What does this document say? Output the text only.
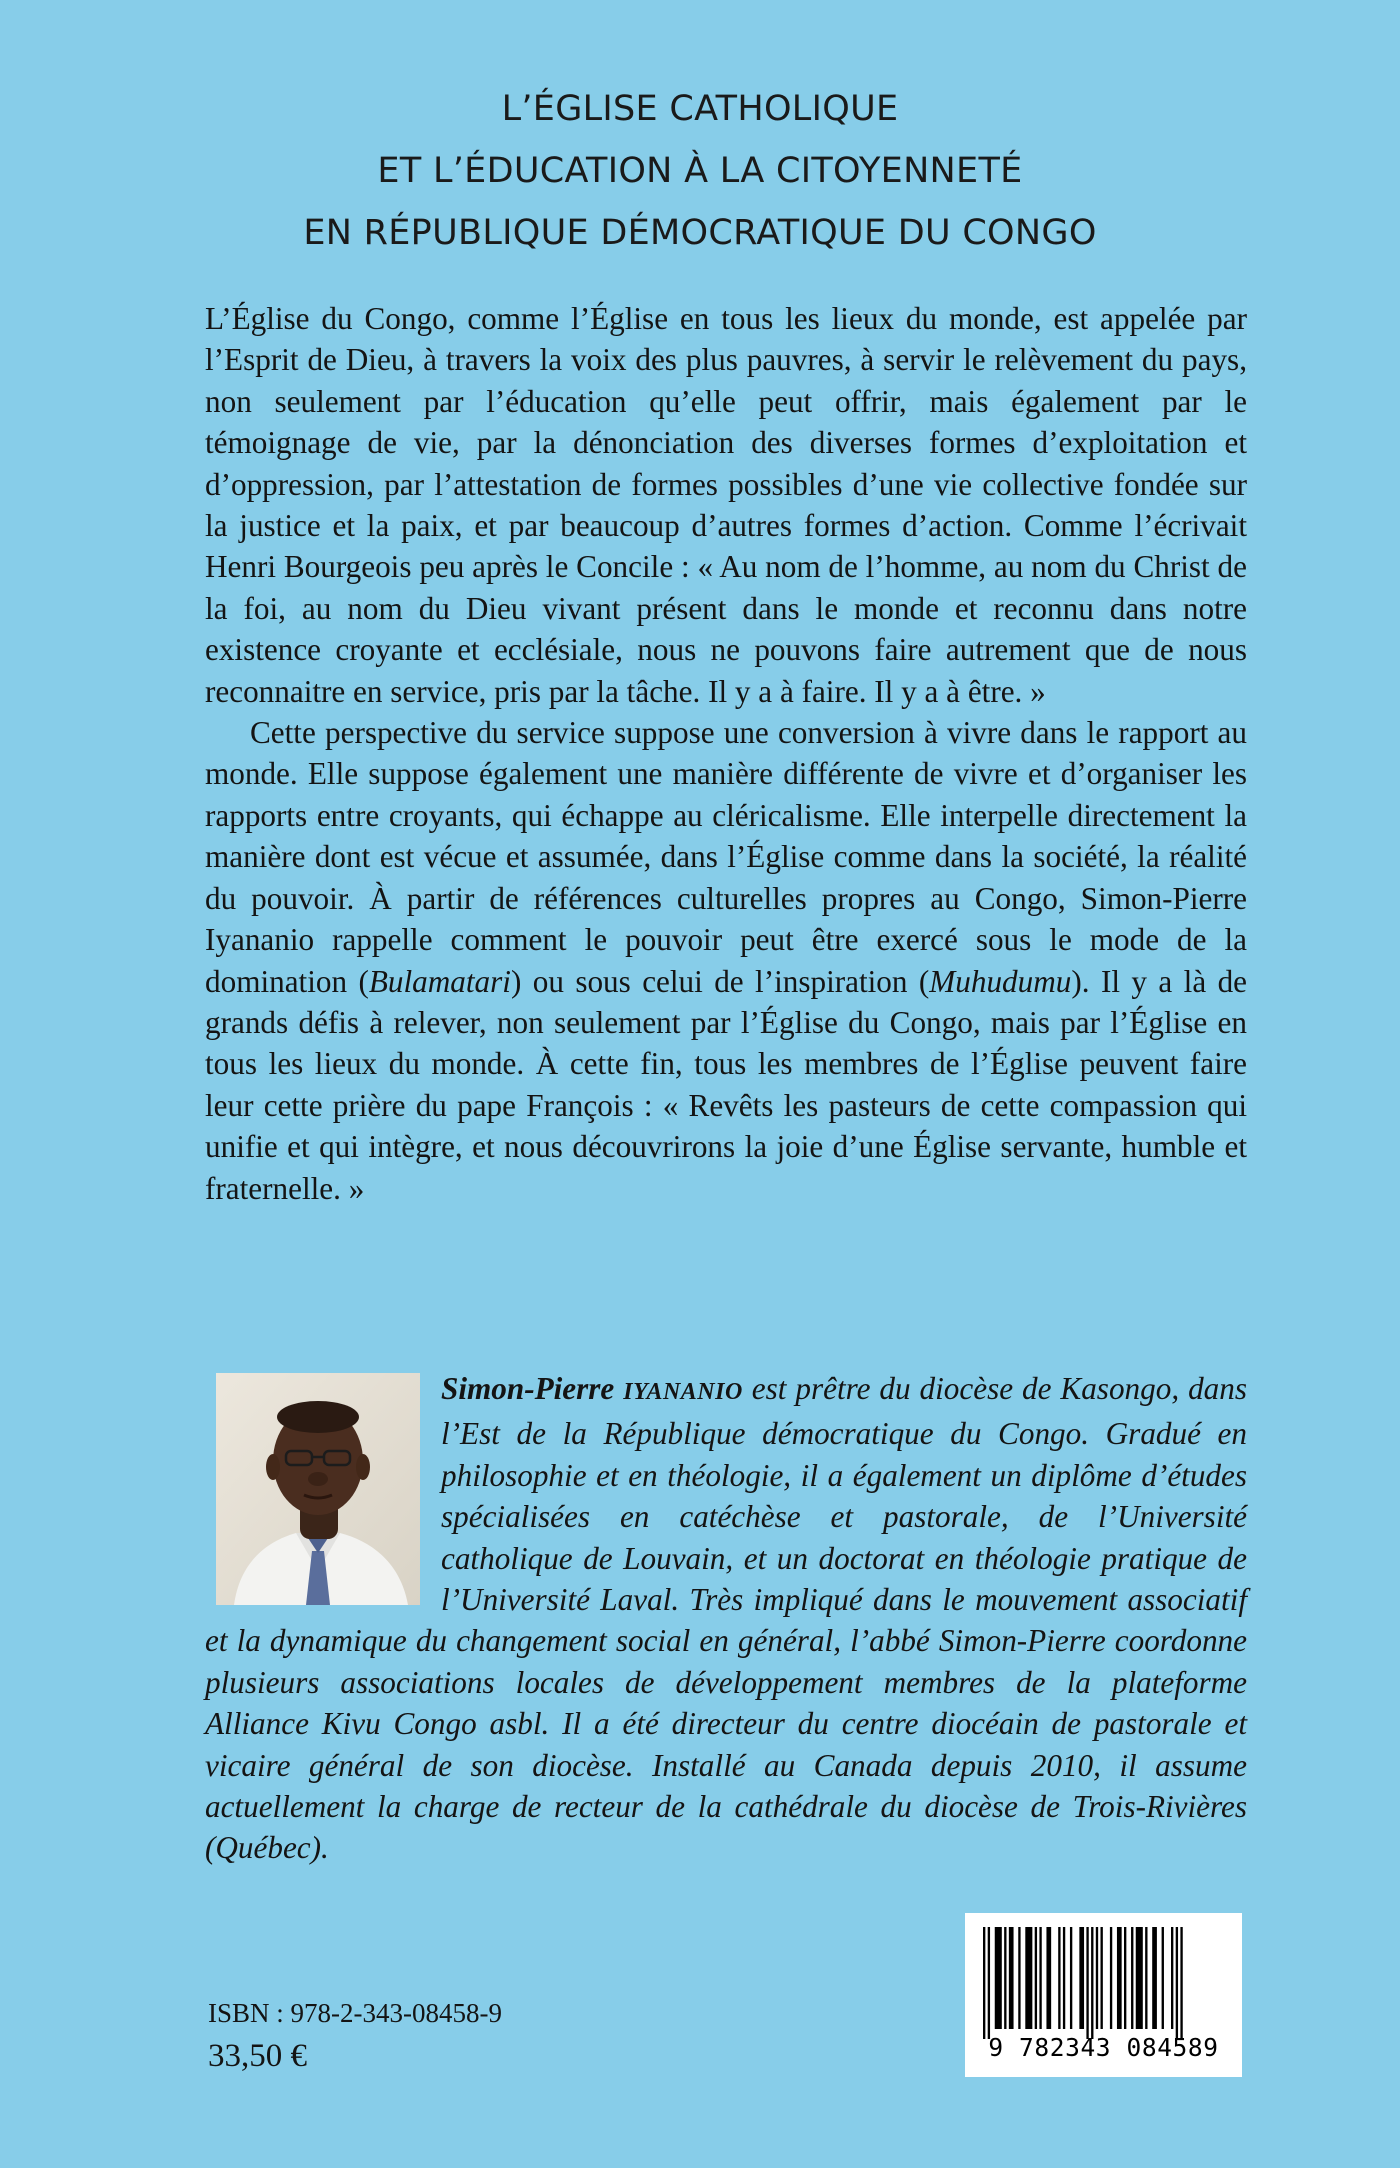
L’ÉGLISE CATHOLIQUE
ET L’ÉDUCATION À LA CITOYENNETÉ
EN RÉPUBLIQUE DÉMOCRATIQUE DU CONGO

L’Église du Congo, comme l’Église en tous les lieux du monde, est appelée par l’Esprit de Dieu, à travers la voix des plus pauvres, à servir le relèvement du pays, non seulement par l’éducation qu’elle peut offrir, mais également par le témoignage de vie, par la dénonciation des diverses formes d’exploitation et d’oppression, par l’attestation de formes possibles d’une vie collective fondée sur la justice et la paix, et par beaucoup d’autres formes d’action. Comme l’écrivait Henri Bourgeois peu après le Concile : « Au nom de l’homme, au nom du Christ de la foi, au nom du Dieu vivant présent dans le monde et reconnu dans notre existence croyante et ecclésiale, nous ne pouvons faire autrement que de nous reconnaitre en service, pris par la tâche. Il y a à faire. Il y a à être. »

Cette perspective du service suppose une conversion à vivre dans le rapport au monde. Elle suppose également une manière différente de vivre et d’organiser les rapports entre croyants, qui échappe au cléricalisme. Elle interpelle directement la manière dont est vécue et assumée, dans l’Église comme dans la société, la réalité du pouvoir. À partir de références culturelles propres au Congo, Simon-Pierre Iyananio rappelle comment le pouvoir peut être exercé sous le mode de la domination (Bulamatari) ou sous celui de l’inspiration (Muhudumu). Il y a là de grands défis à relever, non seulement par l’Église du Congo, mais par l’Église en tous les lieux du monde. À cette fin, tous les membres de l’Église peuvent faire leur cette prière du pape François : « Revêts les pasteurs de cette compassion qui unifie et qui intègre, et nous découvrirons la joie d’une Église servante, humble et fraternelle. »

Simon-Pierre IYANANIO est prêtre du diocèse de Kasongo, dans l’Est de la République démocratique du Congo. Gradué en philosophie et en théologie, il a également un diplôme d’études spécialisées en catéchèse et pastorale, de l’Université catholique de Louvain, et un doctorat en théologie pratique de l’Université Laval. Très impliqué dans le mouvement associatif et la dynamique du changement social en général, l’abbé Simon-Pierre coordonne plusieurs associations locales de développement membres de la plateforme Alliance Kivu Congo asbl. Il a été directeur du centre diocéain de pastorale et vicaire général de son diocèse. Installé au Canada depuis 2010, il assume actuellement la charge de recteur de la cathédrale du diocèse de Trois-Rivières (Québec).
ISBN : 978-2-343-08458-9
33,50 €	9 782343 084589
